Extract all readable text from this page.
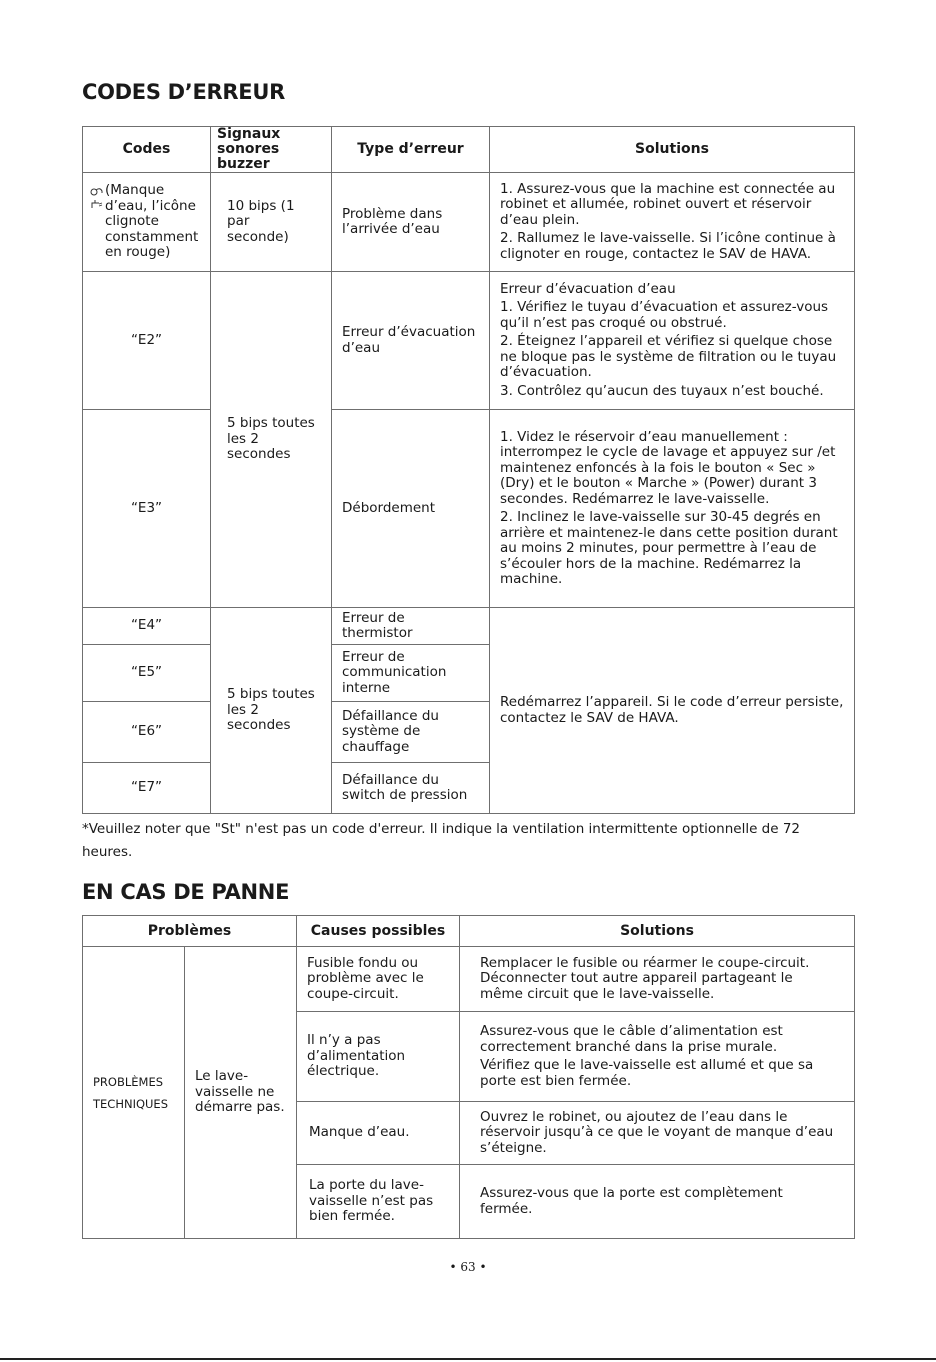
CODES D’ERREUR
Codes	Signaux sonores buzzer	Type d’erreur	Solutions

(Manque d’eau, l’icône clignote constamment en rouge)	10 bips (1 par seconde)	Problème dans l’arrivée d’eau	1. Assurez-vous que la machine est connectée au robinet et allumée, robinet ouvert et réservoir d’eau plein.

2. Rallumez le lave-vaisselle. Si l’icône continue à clignoter en rouge, contactez le SAV de HAVA.

“E2”	5 bips toutes les 2 secondes	Erreur d’évacuation d’eau	Erreur d’évacuation d’eau

1. Vérifiez le tuyau d’évacuation et assurez-vous qu’il n’est pas croqué ou obstrué.

2. Éteignez l’appareil et vérifiez si quelque chose ne bloque pas le système de filtration ou le tuyau d’évacuation.

3. Contrôlez qu’aucun des tuyaux n’est bouché.

“E3”		Débordement	1. Videz le réservoir d’eau manuellement : interrompez le cycle de lavage et appuyez sur /et maintenez enfoncés à la fois le bouton « Sec » (Dry) et le bouton « Marche » (Power) durant 3 secondes. Redémarrez le lave-vaisselle.

2. Inclinez le lave-vaisselle sur 30-45 degrés en arrière et maintenez-le dans cette position durant au moins 2 minutes, pour permettre à l’eau de s’écouler hors de la machine. Redémarrez la machine.

“E4”	5 bips toutes les 2 secondes	Erreur de thermistor	Redémarrez l’appareil. Si le code d’erreur persiste, contactez le SAV de HAVA.
“E5”		Erreur de communication interne	
“E6”		Défaillance du système de chauffage	
“E7”		Défaillance du switch de pression	

*Veuillez noter que "St" n'est pas un code d'erreur. Il indique la ventilation intermittente optionnelle de 72 heures.

EN CAS DE PANNE
Problèmes		Causes possibles	Solutions
PROBLÈMES TECHNIQUES	Le lave-vaisselle ne démarre pas.	Fusible fondu ou problème avec le coupe-circuit.	Remplacer le fusible ou réarmer le coupe-circuit. Déconnecter tout autre appareil partageant le même circuit que le lave-vaisselle.
		Il n’y a pas d’alimentation électrique.	Assurez-vous que le câble d’alimentation est correctement branché dans la prise murale.

Vérifiez que le lave-vaisselle est allumé et que sa porte est bien fermée.

		Manque d’eau.	Ouvrez le robinet, ou ajoutez de l’eau dans le réservoir jusqu’à ce que le voyant de manque d’eau s’éteigne.
		La porte du lave-vaisselle n’est pas bien fermée.	Assurez-vous que la porte est complètement fermée.
• 63 •
